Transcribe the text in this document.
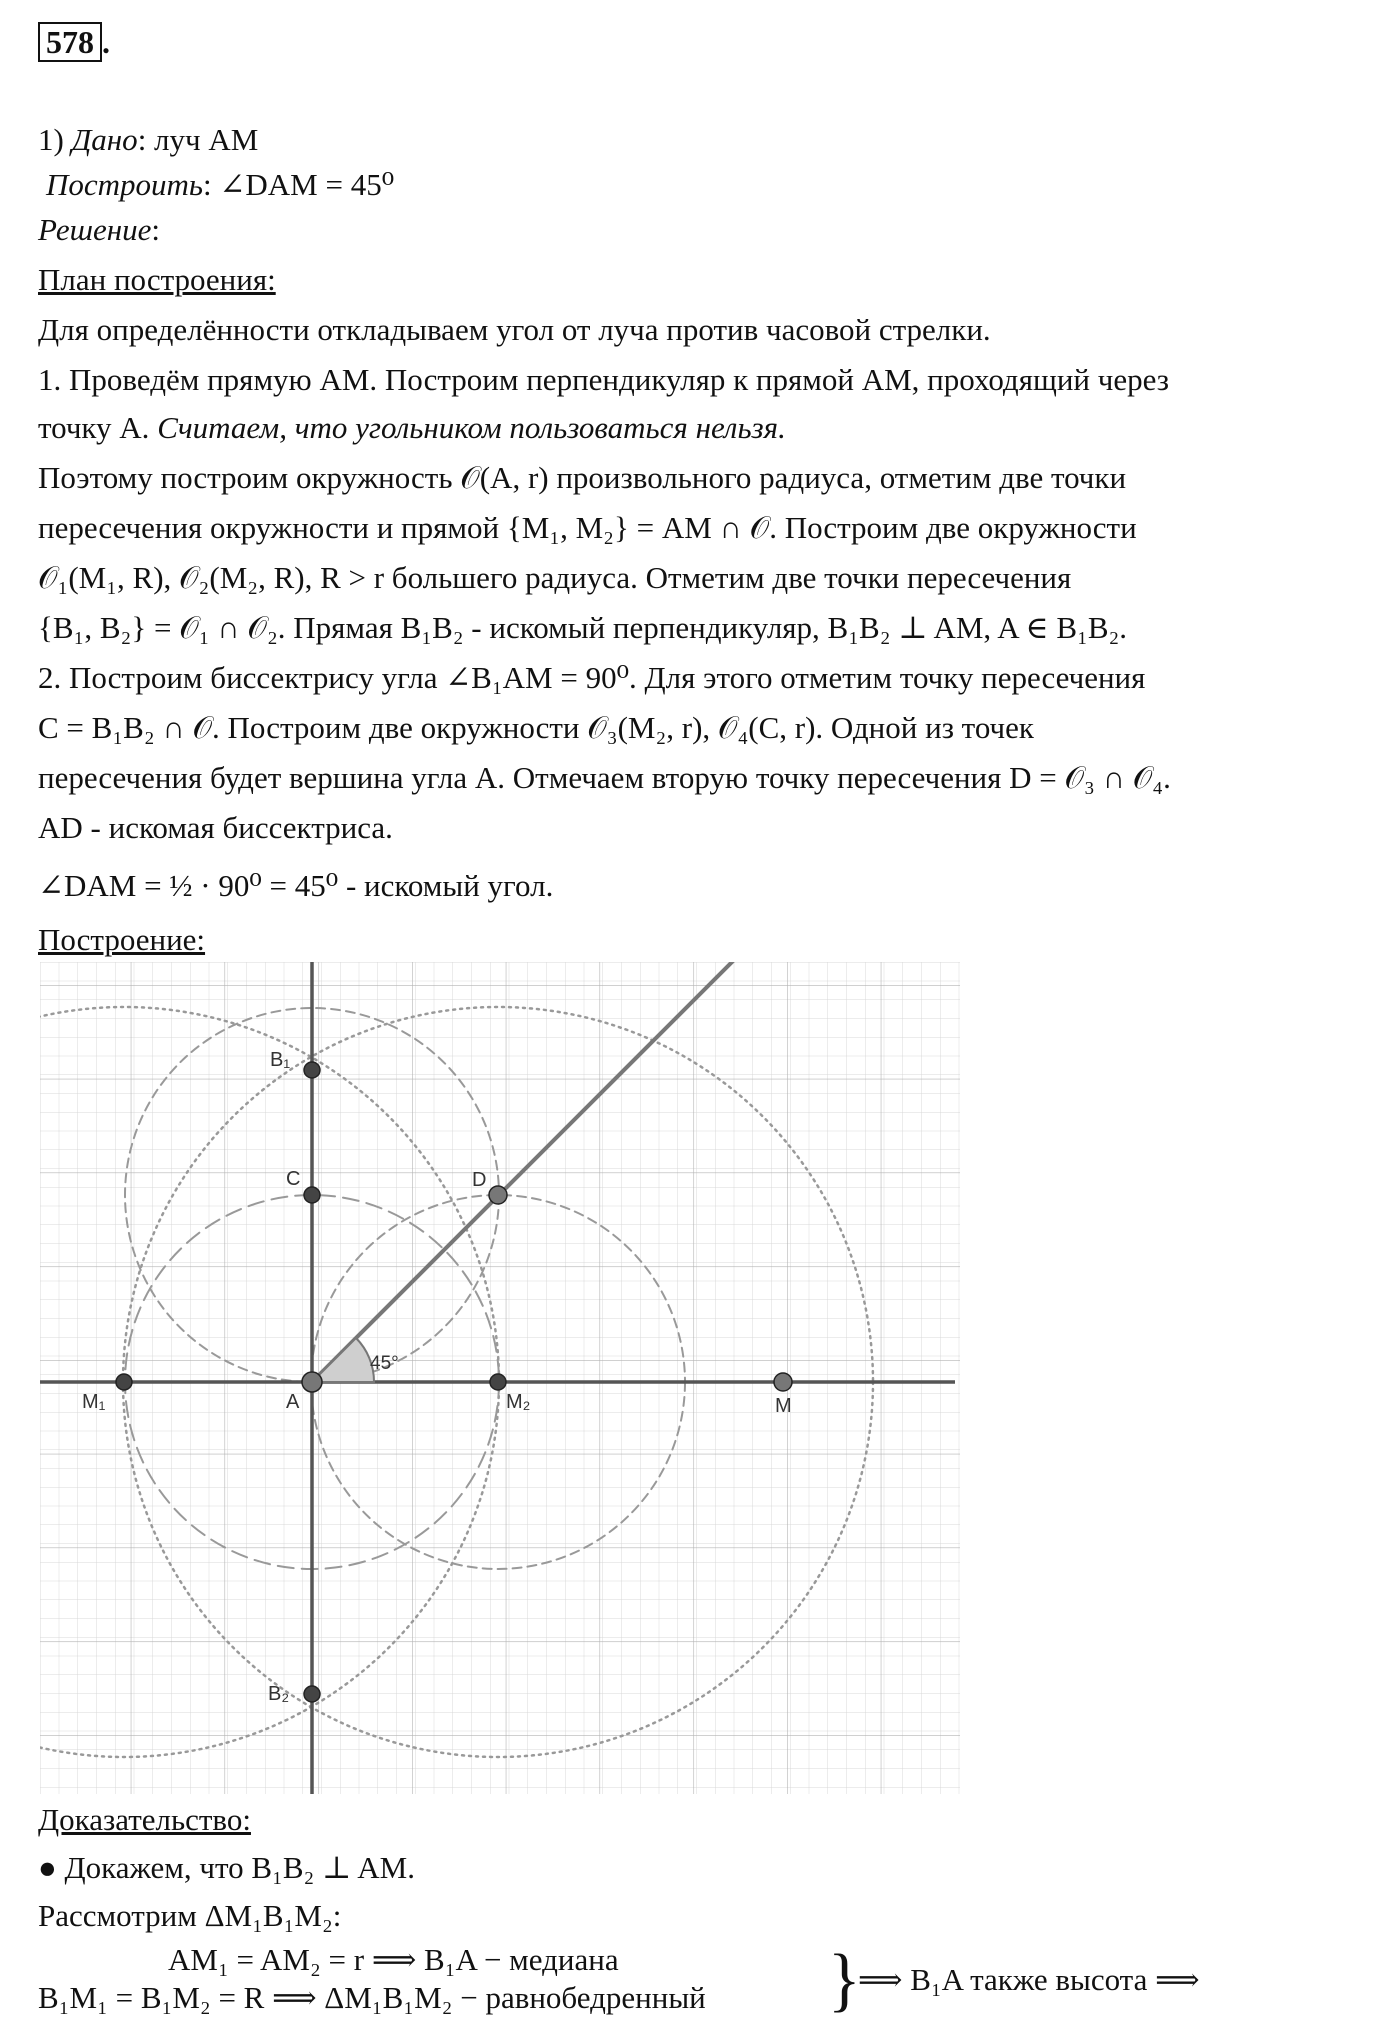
578 .
1) Дано: луч AM
Построить: ∠DAM = 45⁰
Решение:
План построения:
Для определённости откладываем угол от луча против часовой стрелки.
1. Проведём прямую AM. Построим перпендикуляр к прямой AM, проходящий через
точку A. Считаем, что угольником пользоваться нельзя.
Поэтому построим окружность 𝒪(A, r) произвольного радиуса, отметим две точки
пересечения окружности и прямой {M₁, M₂} = AM ∩ 𝒪. Построим две окружности
𝒪₁(M₁, R), 𝒪₂(M₂, R), R > r большего радиуса. Отметим две точки пересечения
{B₁, B₂} = 𝒪₁ ∩ 𝒪₂. Прямая B₁B₂ - искомый перпендикуляр, B₁B₂ ⊥ AM, A ∈ B₁B₂.
2. Построим биссектрису угла ∠B₁AM = 90⁰. Для этого отметим точку пересечения
C = B₁B₂ ∩ 𝒪. Построим две окружности 𝒪₃(M₂, r), 𝒪₄(C, r). Одной из точек
пересечения будет вершина угла A. Отмечаем вторую точку пересечения D = 𝒪₃ ∩ 𝒪₄.
AD - искомая биссектриса.
∠DAM = ½ · 90⁰ = 45⁰ - искомый угол.
Построение:
45°
B₁
C	D
M₁	A	M₂	M
B₂
Доказательство:
● Докажем, что B₁B₂ ⊥ AM.
Рассмотрим ΔM₁B₁M₂:
AM₁ = AM₂ = r ⟹ B₁A − медиана
B₁M₁ = B₁M₂ = R ⟹ ΔM₁B₁M₂ − равнобедренный	}
⟹ B₁A также высота ⟹
